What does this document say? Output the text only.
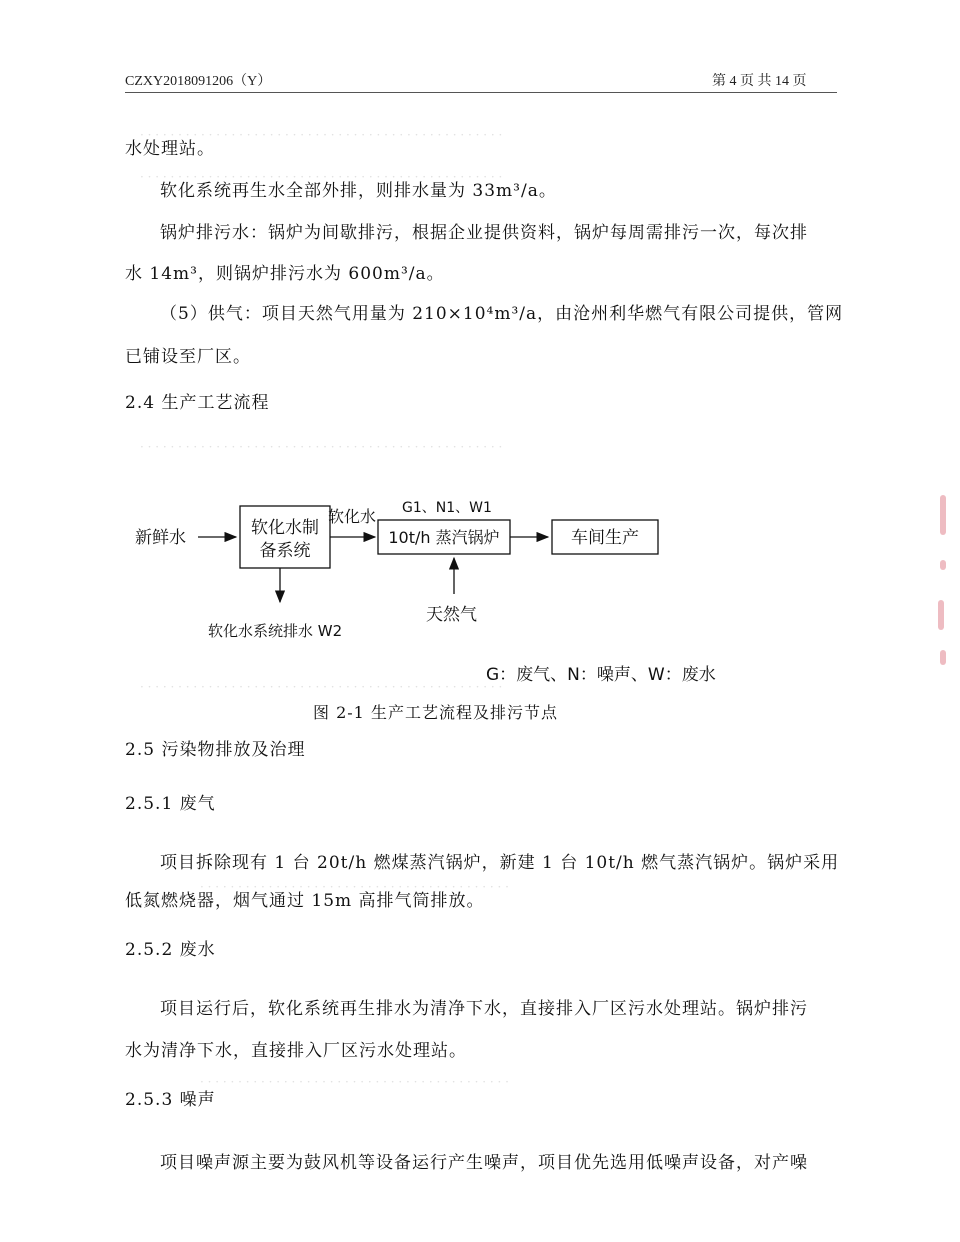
· · · · · · · · · · · · · · · · · · · · · · · · · · · · · · · · · · · · · · · · · · · · · · · ·
· · · · · · · · · · · · · · · · · · · · · · · · · · · · · · · · · · · · · · · · · · · · · · · ·
· · · · · · · · · · · · · · · · · · · · · · · · · · · · · · · · · · · · · · · · · · · · · · · ·
· · · · · · · · · · · · · · · · · · · · · · · · · · · · · · · · · · · · · · · · · · · · · · · ·
· · · · · · · · · · · · · · · · · · · · · · · · · · · · · · · · · · · · · · · · ·
· · · · · · · · · · · · · · · · · · · · · · · · · · · · · · · · · · · · · · · · ·
CZXY2018091206（Y）	第 4 页 共 14 页
水处理站。
软化系统再生水全部外排，则排水量为 33m³/a。
锅炉排污水：锅炉为间歇排污，根据企业提供资料，锅炉每周需排污一次，每次排
水 14m³，则锅炉排污水为 600m³/a。
（5）供气：项目天然气用量为 210×10⁴m³/a，由沧州利华燃气有限公司提供，管网
已铺设至厂区。
2.4 生产工艺流程
新鲜水	软化水制
备系统
软化水 G1、N1、W1
10t/h 蒸汽锅炉	车间生产
软化水系统排水 W2
天然气
G：废气、N：噪声、W：废水
图 2-1 生产工艺流程及排污节点
2.5 污染物排放及治理
2.5.1 废气
项目拆除现有 1 台 20t/h 燃煤蒸汽锅炉，新建 1 台 10t/h 燃气蒸汽锅炉。锅炉采用
低氮燃烧器，烟气通过 15m 高排气筒排放。
2.5.2 废水
项目运行后，软化系统再生排水为清净下水，直接排入厂区污水处理站。锅炉排污
水为清净下水，直接排入厂区污水处理站。
2.5.3 噪声
项目噪声源主要为鼓风机等设备运行产生噪声，项目优先选用低噪声设备，对产噪
